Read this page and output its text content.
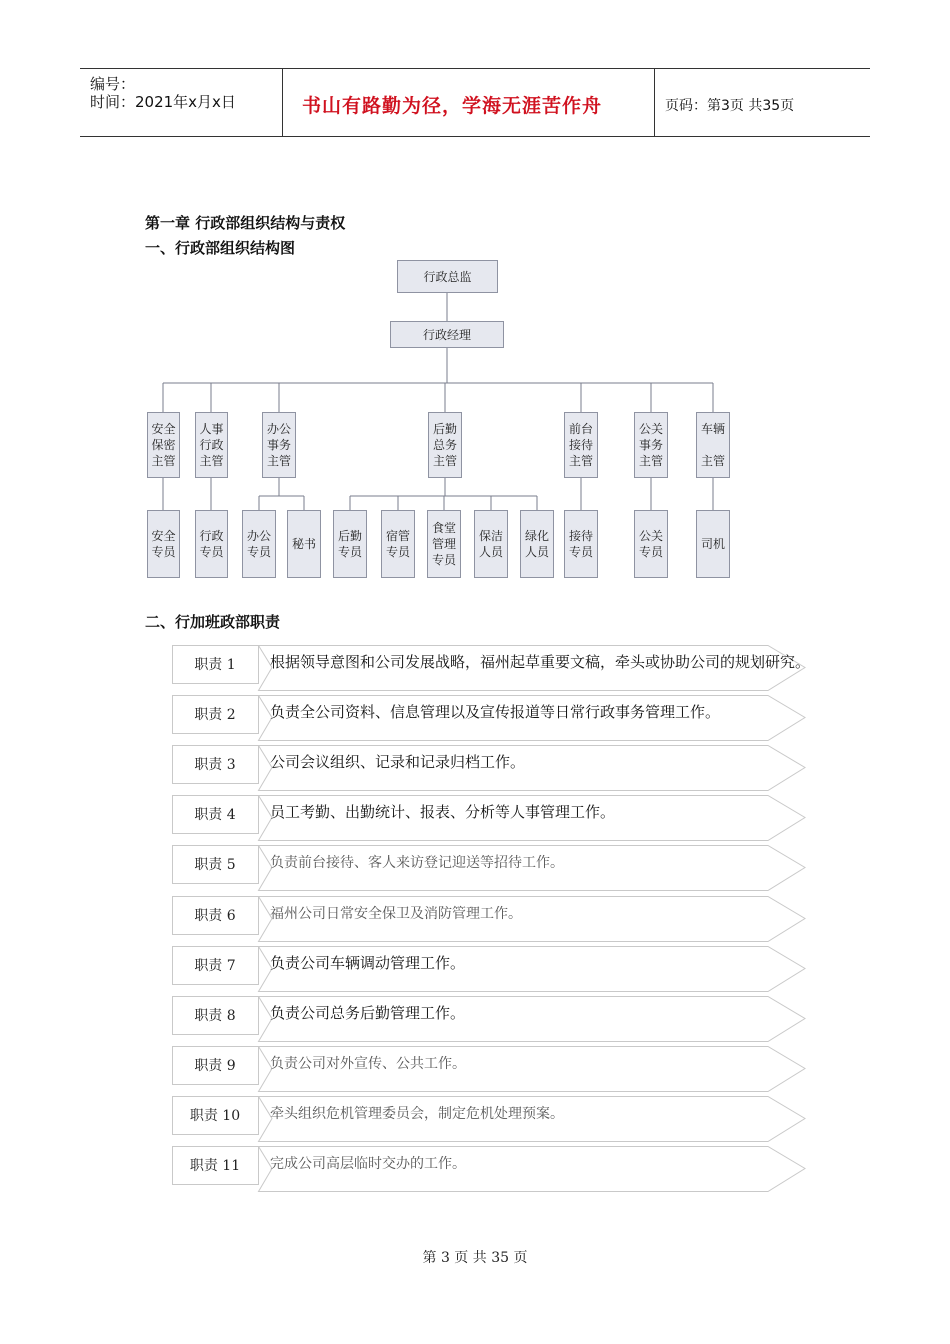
编号：
时间：2021年x月x日	书山有路勤为径，学海无涯苦作舟	页码：第3页 共35页
第一章 行政部组织结构与责权
一、行政部组织结构图
行政总监
行政经理
安全
保密
主管
人事
行政
主管
办公
事务
主管
后勤
总务
主管
前台
接待
主管
公关
事务
主管
车辆

主管
安全
专员
行政
专员
办公
专员
秘书
后勤
专员
宿管
专员
食堂
管理
专员
保洁
人员
绿化
人员
接待
专员
公关
专员
司机
二、行加班政部职责
职责 1	根据领导意图和公司发展战略，福州起草重要文稿，牵头或协助公司的规划研究。
职责 2	负责全公司资料、信息管理以及宣传报道等日常行政事务管理工作。
职责 3	公司会议组织、记录和记录归档工作。
职责 4	员工考勤、出勤统计、报表、分析等人事管理工作。
职责 5	负责前台接待、客人来访登记迎送等招待工作。
职责 6	福州公司日常安全保卫及消防管理工作。
职责 7	负责公司车辆调动管理工作。
职责 8	负责公司总务后勤管理工作。
职责 9	负责公司对外宣传、公共工作。
职责 10	牵头组织危机管理委员会，制定危机处理预案。
职责 11	完成公司高层临时交办的工作。
第 3 页 共 35 页
